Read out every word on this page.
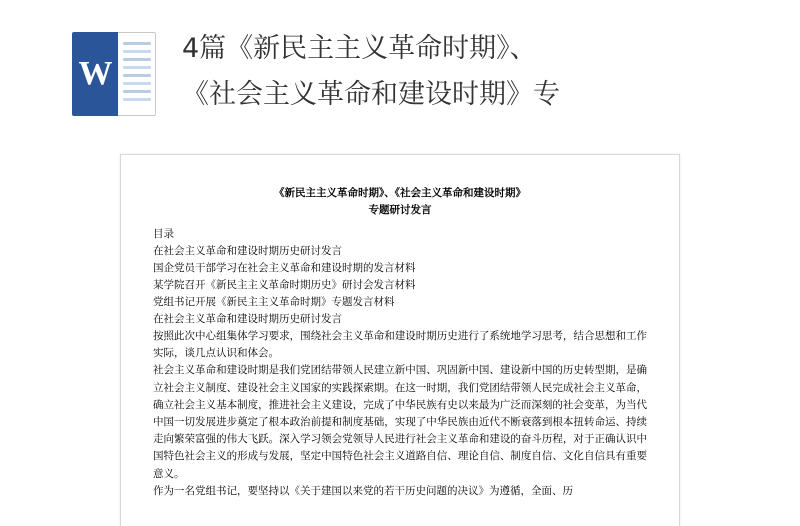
W
4篇《新民主主义革命时期》、
《社会主义革命和建设时期》专
《新民主主义革命时期》、《社会主义革命和建设时期》
专题研讨发言
目录
在社会主义革命和建设时期历史研讨发言
国企党员干部学习在社会主义革命和建设时期的发言材料
某学院召开《新民主主义革命时期历史》研讨会发言材料
党组书记开展《新民主主义革命时期》专题发言材料
在社会主义革命和建设时期历史研讨发言

按照此次中心组集体学习要求，围绕社会主义革命和建设时期历史进行了系统地学习思考，结合思想和工作实际，谈几点认识和体会。

社会主义革命和建设时期是我们党团结带领人民建立新中国、巩固新中国、建设新中国的历史转型期，是确立社会主义制度、建设社会主义国家的实践探索期。在这一时期，我们党团结带领人民完成社会主义革命，确立社会主义基本制度，推进社会主义建设，完成了中华民族有史以来最为广泛而深刻的社会变革，为当代中国一切发展进步奠定了根本政治前提和制度基础，实现了中华民族由近代不断衰落到根本扭转命运、持续走向繁荣富强的伟大飞跃。深入学习领会党领导人民进行社会主义革命和建设的奋斗历程，对于正确认识中国特色社会主义的形成与发展，坚定中国特色社会主义道路自信、理论自信、制度自信、文化自信具有重要意义。

作为一名党组书记，要坚持以《关于建国以来党的若干历史问题的决议》为遵循，全面、历
